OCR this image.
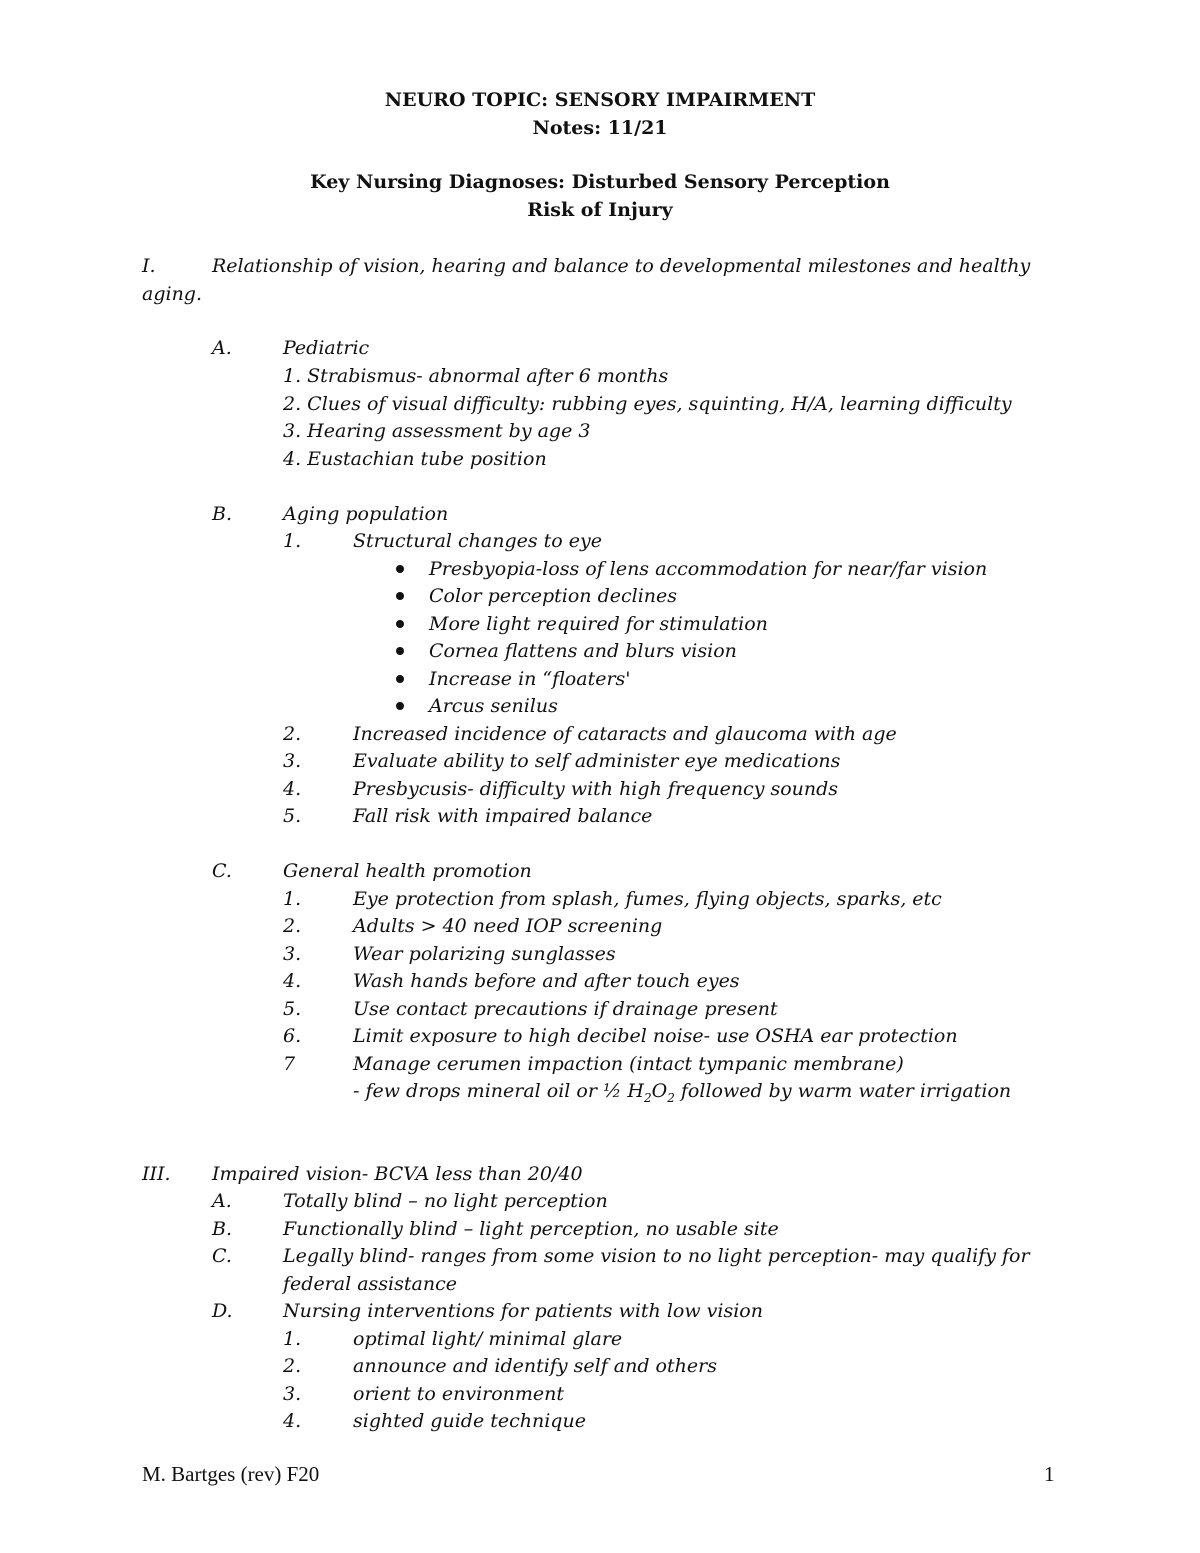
NEURO TOPIC: SENSORY IMPAIRMENT
Notes: 11/21
Key Nursing Diagnoses: Disturbed Sensory Perception
Risk of Injury
I.	Relationship of vision, hearing and balance to developmental milestones and healthy
aging.
A.	Pediatric
1. Strabismus- abnormal after 6 months
2. Clues of visual difficulty: rubbing eyes, squinting, H/A, learning difficulty
3. Hearing assessment by age 3
4. Eustachian tube position
B.	Aging population
1.	Structural changes to eye
Presbyopia-loss of lens accommodation for near/far vision
Color perception declines
More light required for stimulation
Cornea flattens and blurs vision
Increase in “floaters'
Arcus senilus
2.	Increased incidence of cataracts and glaucoma with age
3.	Evaluate ability to self administer eye medications
4.	Presbycusis- difficulty with high frequency sounds
5.	Fall risk with impaired balance
C.	General health promotion
1.	Eye protection from splash, fumes, flying objects, sparks, etc
2.	Adults > 40 need IOP screening
3.	Wear polarizing sunglasses
4.	Wash hands before and after touch eyes
5.	Use contact precautions if drainage present
6.	Limit exposure to high decibel noise- use OSHA ear protection
7	Manage cerumen impaction (intact tympanic membrane)
- few drops mineral oil or ½ $H_2O_2$ followed by warm water irrigation
III. Impaired vision- BCVA less than 20/40
A.	Totally blind – no light perception
B.	Functionally blind – light perception, no usable site
C.	Legally blind- ranges from some vision to no light perception- may qualify for
federal assistance
D.	Nursing interventions for patients with low vision
1.	optimal light/ minimal glare
2.	announce and identify self and others
3.	orient to environment
4.	sighted guide technique
M. Bartges (rev) F20	1
